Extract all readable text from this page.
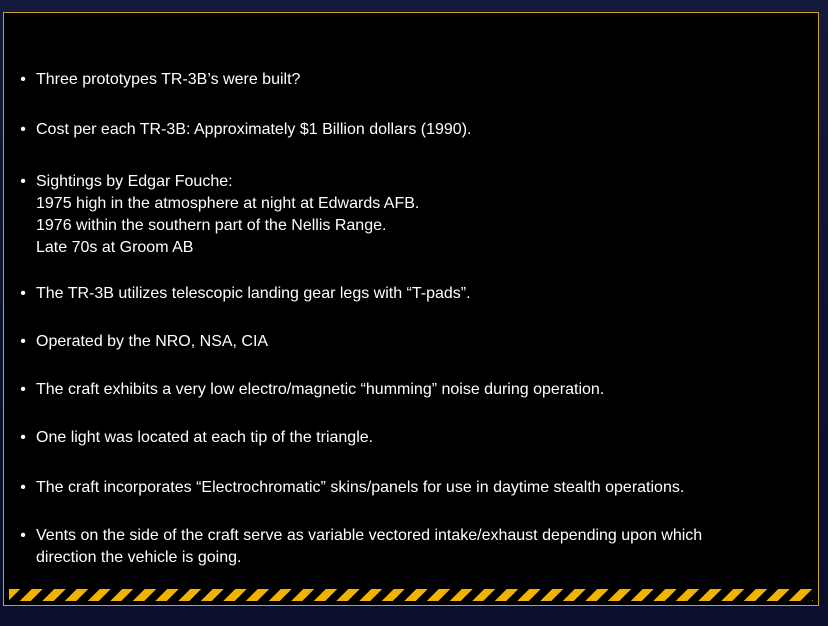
• Three prototypes TR-3B’s were built?
• Cost per each TR-3B: Approximately $1 Billion dollars (1990).
• Sightings by Edgar Fouche:
1975 high in the atmosphere at night at Edwards AFB.
1976 within the southern part of the Nellis Range.
Late 70s at Groom AB
• The TR-3B utilizes telescopic landing gear legs with “T-pads”.
• Operated by the NRO, NSA, CIA
• The craft exhibits a very low electro/magnetic “humming” noise during operation.
• One light was located at each tip of the triangle.
• The craft incorporates “Electrochromatic” skins/panels for use in daytime stealth operations.
• Vents on the side of the craft serve as variable vectored intake/exhaust depending upon which
direction the vehicle is going.
